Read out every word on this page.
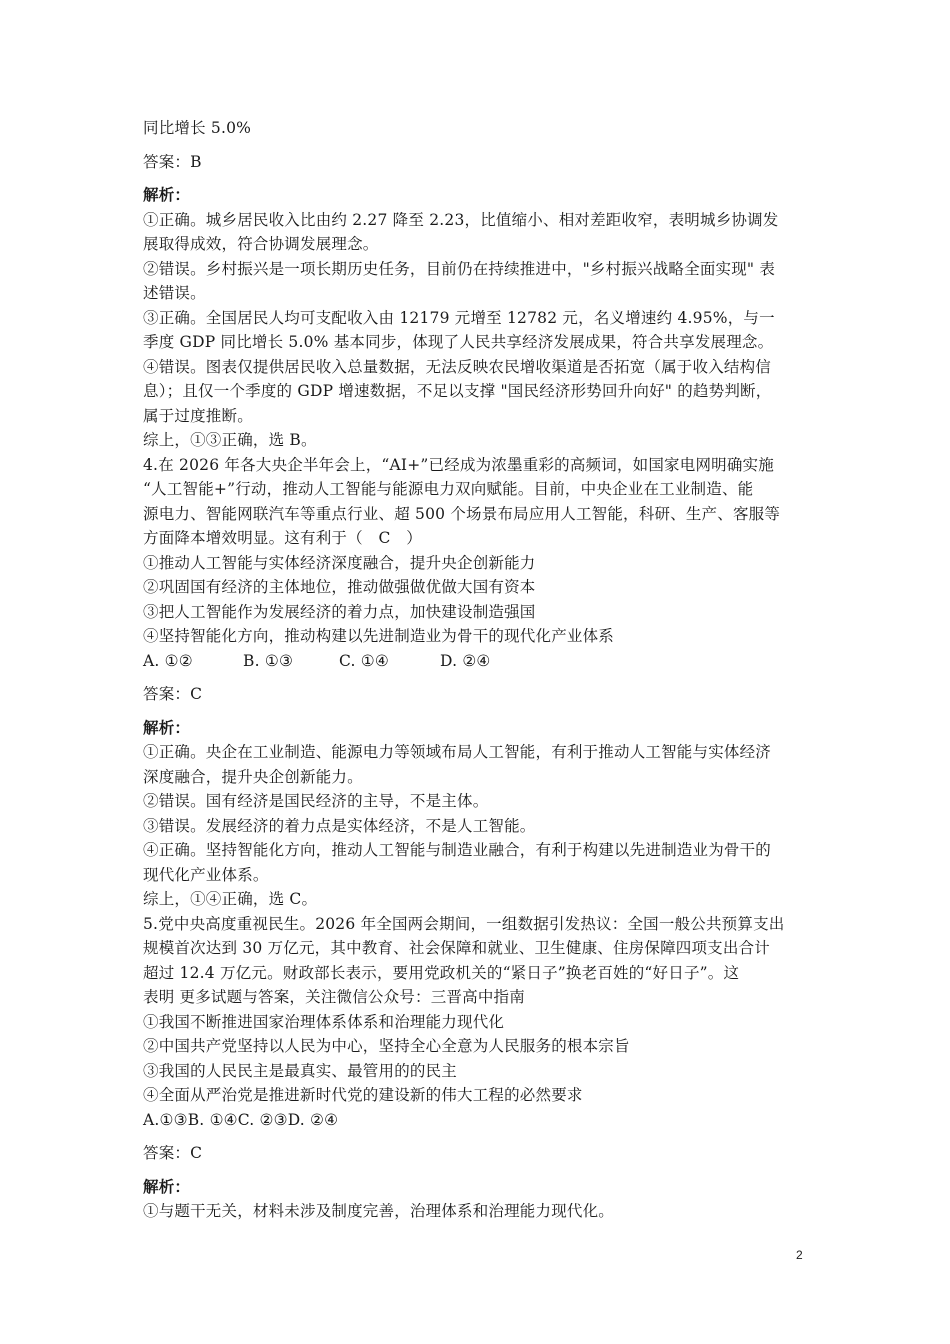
同比增长 5.0%
答案：B
解析：
①正确。城乡居民收入比由约 2.27 降至 2.23，比值缩小、相对差距收窄，表明城乡协调发
展取得成效，符合协调发展理念。
②错误。乡村振兴是一项长期历史任务，目前仍在持续推进中，"乡村振兴战略全面实现" 表
述错误。
③正确。全国居民人均可支配收入由 12179 元增至 12782 元，名义增速约 4.95%，与一
季度 GDP 同比增长 5.0% 基本同步，体现了人民共享经济发展成果，符合共享发展理念。
④错误。图表仅提供居民收入总量数据，无法反映农民增收渠道是否拓宽（属于收入结构信
息）；且仅一个季度的 GDP 增速数据，不足以支撑 "国民经济形势回升向好" 的趋势判断，
属于过度推断。
综上，①③正确，选 B。
4.在 2026 年各大央企半年会上，“AI+”已经成为浓墨重彩的高频词，如国家电网明确实施
“人工智能+”行动，推动人工智能与能源电力双向赋能。目前，中央企业在工业制造、能
源电力、智能网联汽车等重点行业、超 500 个场景布局应用人工智能，科研、生产、客服等
方面降本增效明显。这有利于（　C　）
①推动人工智能与实体经济深度融合，提升央企创新能力
②巩固国有经济的主体地位，推动做强做优做大国有资本
③把人工智能作为发展经济的着力点，加快建设制造强国
④坚持智能化方向，推动构建以先进制造业为骨干的现代化产业体系
A. ①②	B. ①③	C. ①④	D. ②④
答案：C
解析：
①正确。央企在工业制造、能源电力等领域布局人工智能，有利于推动人工智能与实体经济
深度融合，提升央企创新能力。
②错误。国有经济是国民经济的主导，不是主体。
③错误。发展经济的着力点是实体经济，不是人工智能。
④正确。坚持智能化方向，推动人工智能与制造业融合，有利于构建以先进制造业为骨干的
现代化产业体系。
综上，①④正确，选 C。
5.党中央高度重视民生。2026 年全国两会期间，一组数据引发热议：全国一般公共预算支出
规模首次达到 30 万亿元，其中教育、社会保障和就业、卫生健康、住房保障四项支出合计
超过 12.4 万亿元。财政部长表示，要用党政机关的“紧日子”换老百姓的“好日子”。这
表明 更多试题与答案，关注微信公众号：三晋高中指南
①我国不断推进国家治理体系体系和治理能力现代化
②中国共产党坚持以人民为中心，坚持全心全意为人民服务的根本宗旨
③我国的人民民主是最真实、最管用的的民主
④全面从严治党是推进新时代党的建设新的伟大工程的必然要求
A.①③B. ①④C. ②③D. ②④
答案：C
解析：
①与题干无关，材料未涉及制度完善，治理体系和治理能力现代化。
2
